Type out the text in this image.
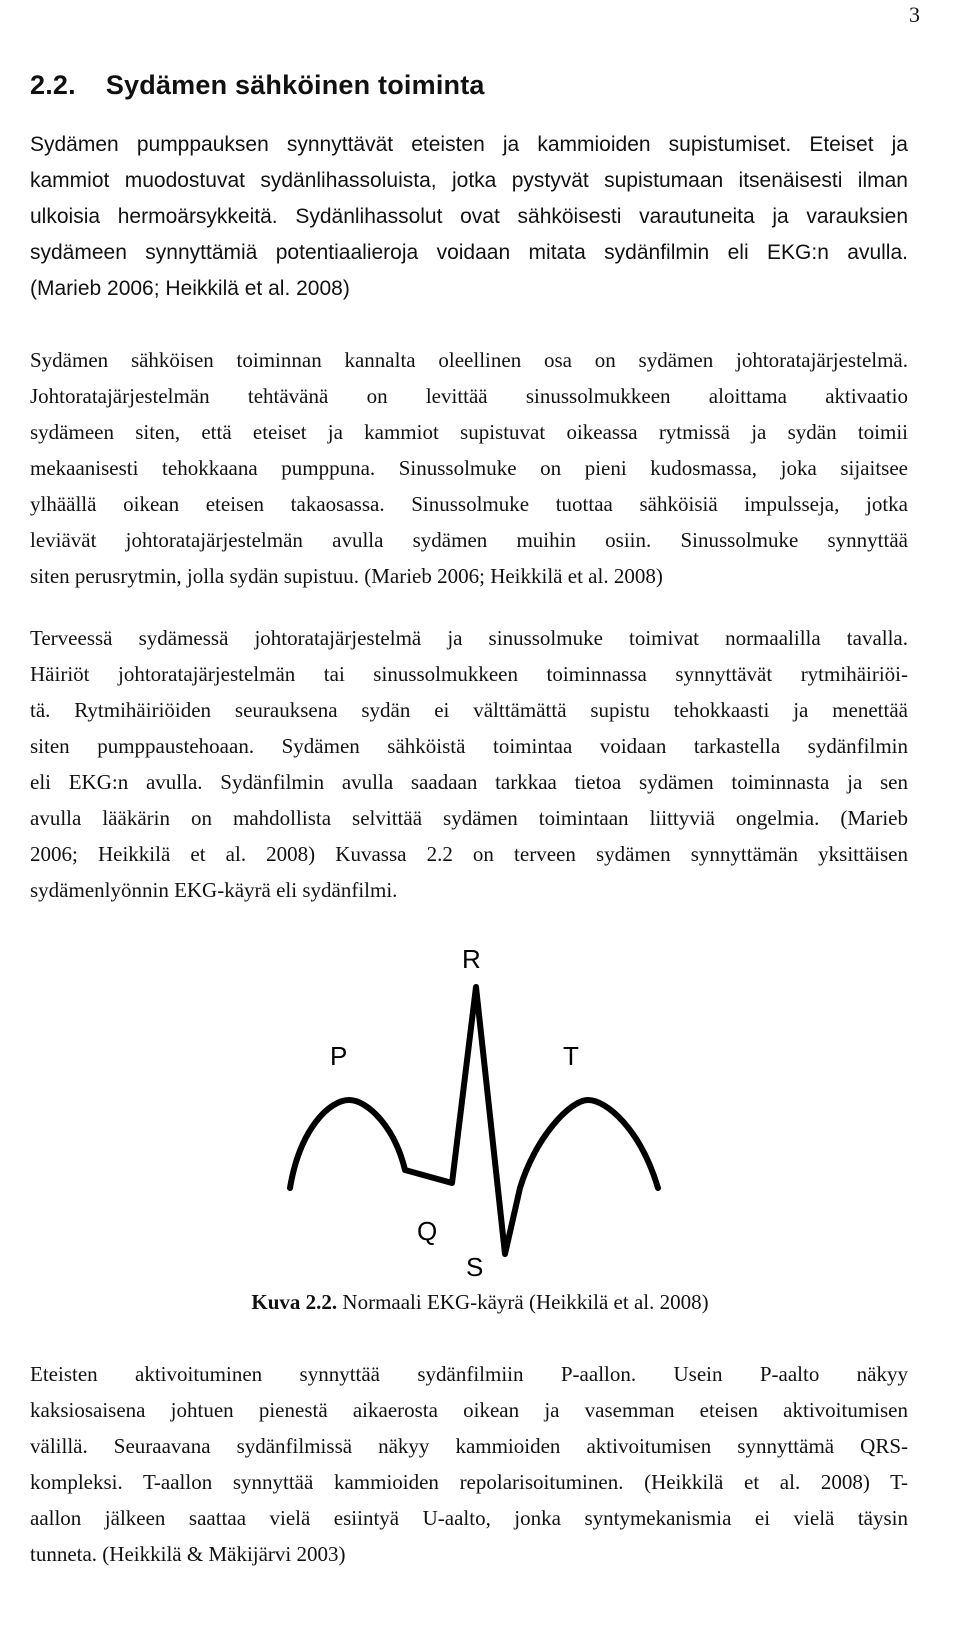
3
2.2. Sydämen sähköinen toiminta
Sydämen pumppauksen synnyttävät eteisten ja kammioiden supistumiset. Eteiset ja
kammiot muodostuvat sydänlihassoluista, jotka pystyvät supistumaan itsenäisesti ilman
ulkoisia hermoärsykkeitä. Sydänlihassolut ovat sähköisesti varautuneita ja varauksien
sydämeen synnyttämiä potentiaalieroja voidaan mitata sydänfilmin eli EKG:n avulla.
(Marieb 2006; Heikkilä et al. 2008)
Sydämen sähköisen toiminnan kannalta oleellinen osa on sydämen johtoratajärjestelmä.
Johtoratajärjestelmän tehtävänä on levittää sinussolmukkeen aloittama aktivaatio
sydämeen siten, että eteiset ja kammiot supistuvat oikeassa rytmissä ja sydän toimii
mekaanisesti tehokkaana pumppuna. Sinussolmuke on pieni kudosmassa, joka sijaitsee
ylhäällä oikean eteisen takaosassa. Sinussolmuke tuottaa sähköisiä impulsseja, jotka
leviävät johtoratajärjestelmän avulla sydämen muihin osiin. Sinussolmuke synnyttää
siten perusrytmin, jolla sydän supistuu. (Marieb 2006; Heikkilä et al. 2008)
Terveessä sydämessä johtoratajärjestelmä ja sinussolmuke toimivat normaalilla tavalla.
Häiriöt johtoratajärjestelmän tai sinussolmukkeen toiminnassa synnyttävät rytmihäiriöi-
tä. Rytmihäiriöiden seurauksena sydän ei välttämättä supistu tehokkaasti ja menettää
siten pumppaustehoaan. Sydämen sähköistä toimintaa voidaan tarkastella sydänfilmin
eli EKG:n avulla. Sydänfilmin avulla saadaan tarkkaa tietoa sydämen toiminnasta ja sen
avulla lääkärin on mahdollista selvittää sydämen toimintaan liittyviä ongelmia. (Marieb
2006; Heikkilä et al. 2008) Kuvassa 2.2 on terveen sydämen synnyttämän yksittäisen
sydämenlyönnin EKG-käyrä eli sydänfilmi.
R
P	T
Q
S
Kuva 2.2. Normaali EKG-käyrä (Heikkilä et al. 2008)
Eteisten aktivoituminen synnyttää sydänfilmiin P-aallon. Usein P-aalto näkyy
kaksiosaisena johtuen pienestä aikaerosta oikean ja vasemman eteisen aktivoitumisen
välillä. Seuraavana sydänfilmissä näkyy kammioiden aktivoitumisen synnyttämä QRS-
kompleksi. T-aallon synnyttää kammioiden repolarisoituminen. (Heikkilä et al. 2008) T-
aallon jälkeen saattaa vielä esiintyä U-aalto, jonka syntymekanismia ei vielä täysin
tunneta. (Heikkilä & Mäkijärvi 2003)
